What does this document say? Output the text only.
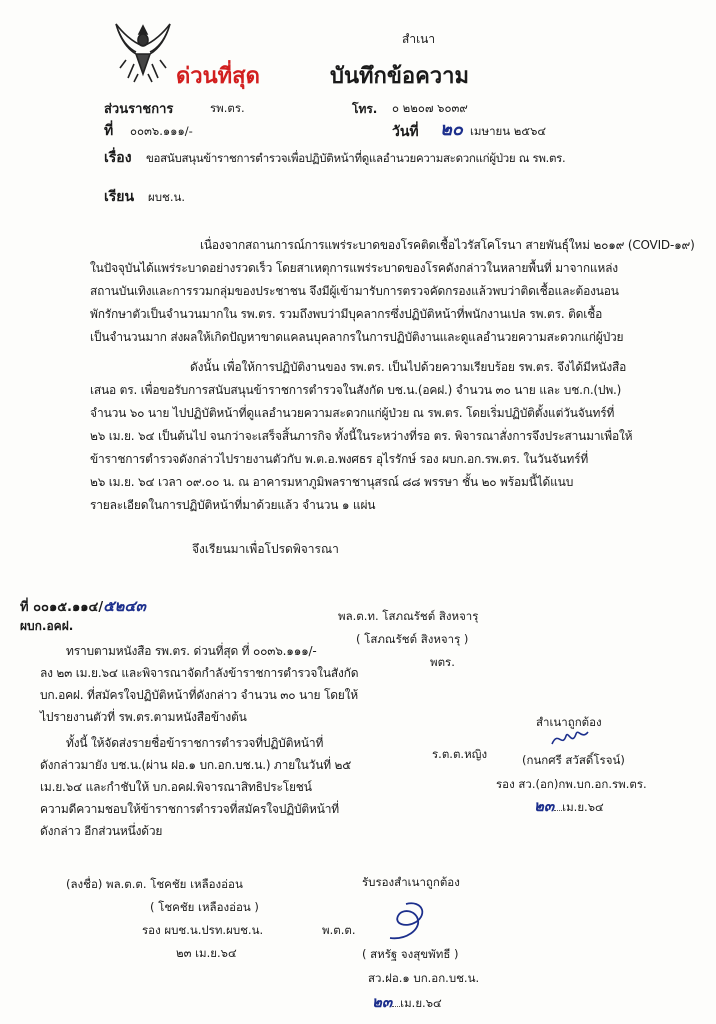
สำเนา
ด่วนที่สุด	บันทึกข้อความ
ส่วนราชการ	รพ.ตร.	โทร. ๐ ๒๒๐๗ ๖๐๓๙
ที่ ๐๐๓๖.๑๑๑/-	วันที่ ๒๐ เมษายน ๒๕๖๔
เรื่อง ขอสนับสนุนข้าราชการตำรวจเพื่อปฏิบัติหน้าที่ดูแลอำนวยความสะดวกแก่ผู้ป่วย ณ รพ.ตร.
เรียน ผบช.น.
เนื่องจากสถานการณ์การแพร่ระบาดของโรคติดเชื้อไวรัสโคโรนา สายพันธุ์ใหม่ ๒๐๑๙ (COVID-๑๙)
ในปัจจุบันได้แพร่ระบาดอย่างรวดเร็ว โดยสาเหตุการแพร่ระบาดของโรคดังกล่าวในหลายพื้นที่ มาจากแหล่ง
สถานบันเทิงและการรวมกลุ่มของประชาชน จึงมีผู้เข้ามารับการตรวจคัดกรองแล้วพบว่าติดเชื้อและต้องนอน
พักรักษาตัวเป็นจำนวนมากใน รพ.ตร. รวมถึงพบว่ามีบุคลากรซึ่งปฏิบัติหน้าที่พนักงานเปล รพ.ตร. ติดเชื้อ
เป็นจำนวนมาก ส่งผลให้เกิดปัญหาขาดแคลนบุคลากรในการปฏิบัติงานและดูแลอำนวยความสะดวกแก่ผู้ป่วย
ดังนั้น เพื่อให้การปฏิบัติงานของ รพ.ตร. เป็นไปด้วยความเรียบร้อย รพ.ตร. จึงได้มีหนังสือ
เสนอ ตร. เพื่อขอรับการสนับสนุนข้าราชการตำรวจในสังกัด บช.น.(อคฝ.) จำนวน ๓๐ นาย และ บช.ก.(ปพ.)
จำนวน ๖๐ นาย ไปปฏิบัติหน้าที่ดูแลอำนวยความสะดวกแก่ผู้ป่วย ณ รพ.ตร. โดยเริ่มปฏิบัติตั้งแต่วันจันทร์ที่
๒๖ เม.ย. ๖๔ เป็นต้นไป จนกว่าจะเสร็จสิ้นภารกิจ ทั้งนี้ในระหว่างที่รอ ตร. พิจารณาสั่งการจึงประสานมาเพื่อให้
ข้าราชการตำรวจดังกล่าวไปรายงานตัวกับ พ.ต.อ.พงศธร อุไรรักษ์ รอง ผบก.อก.รพ.ตร. ในวันจันทร์ที่
๒๖ เม.ย. ๖๔ เวลา ๐๙.๐๐ น. ณ อาคารมหาภูมิพลราชานุสรณ์ ๘๘ พรรษา ชั้น ๒๐ พร้อมนี้ได้แนบ
รายละเอียดในการปฏิบัติหน้าที่มาด้วยแล้ว จำนวน ๑ แผ่น
จึงเรียนมาเพื่อโปรดพิจารณา
พล.ต.ท. โสภณรัชต์ สิงหจารุ
( โสภณรัชต์ สิงหจารุ )
พตร.
ที่ ๐๐๑๕.๑๑๔/๕๒๔๓
ผบก.อคฝ.
ทราบตามหนังสือ รพ.ตร. ด่วนที่สุด ที่ ๐๐๓๖.๑๑๑/-
ลง ๒๓ เม.ย.๖๔ และพิจารณาจัดกำลังข้าราชการตำรวจในสังกัด
บก.อคฝ. ที่สมัครใจปฏิบัติหน้าที่ดังกล่าว จำนวน ๓๐ นาย โดยให้
ไปรายงานตัวที่ รพ.ตร.ตามหนังสือข้างต้น
ทั้งนี้ ให้จัดส่งรายชื่อข้าราชการตำรวจที่ปฏิบัติหน้าที่
ดังกล่าวมายัง บช.น.(ผ่าน ฝอ.๑ บก.อก.บช.น.) ภายในวันที่ ๒๕
เม.ย.๖๔ และกำชับให้ บก.อคฝ.พิจารณาสิทธิประโยชน์
ความดีความชอบให้ข้าราชการตำรวจที่สมัครใจปฏิบัติหน้าที่
ดังกล่าว อีกส่วนหนึ่งด้วย
(ลงชื่อ) พล.ต.ต. โชคชัย เหลืองอ่อน
( โชคชัย เหลืองอ่อน )
รอง ผบช.น.ปรท.ผบช.น.
๒๓ เม.ย.๖๔
สำเนาถูกต้อง
ร.ต.ต.หญิง	(กนกศรี สวัสดิ์โรจน์)
รอง สว.(อก)กพ.บก.อก.รพ.ตร.
๒๓ เม.ย.๖๔
รับรองสำเนาถูกต้อง
พ.ต.ต.
( สหรัฐ จงสุขพัทธี )
สว.ฝอ.๑ บก.อก.บช.น.
๒๓ เม.ย.๖๔
